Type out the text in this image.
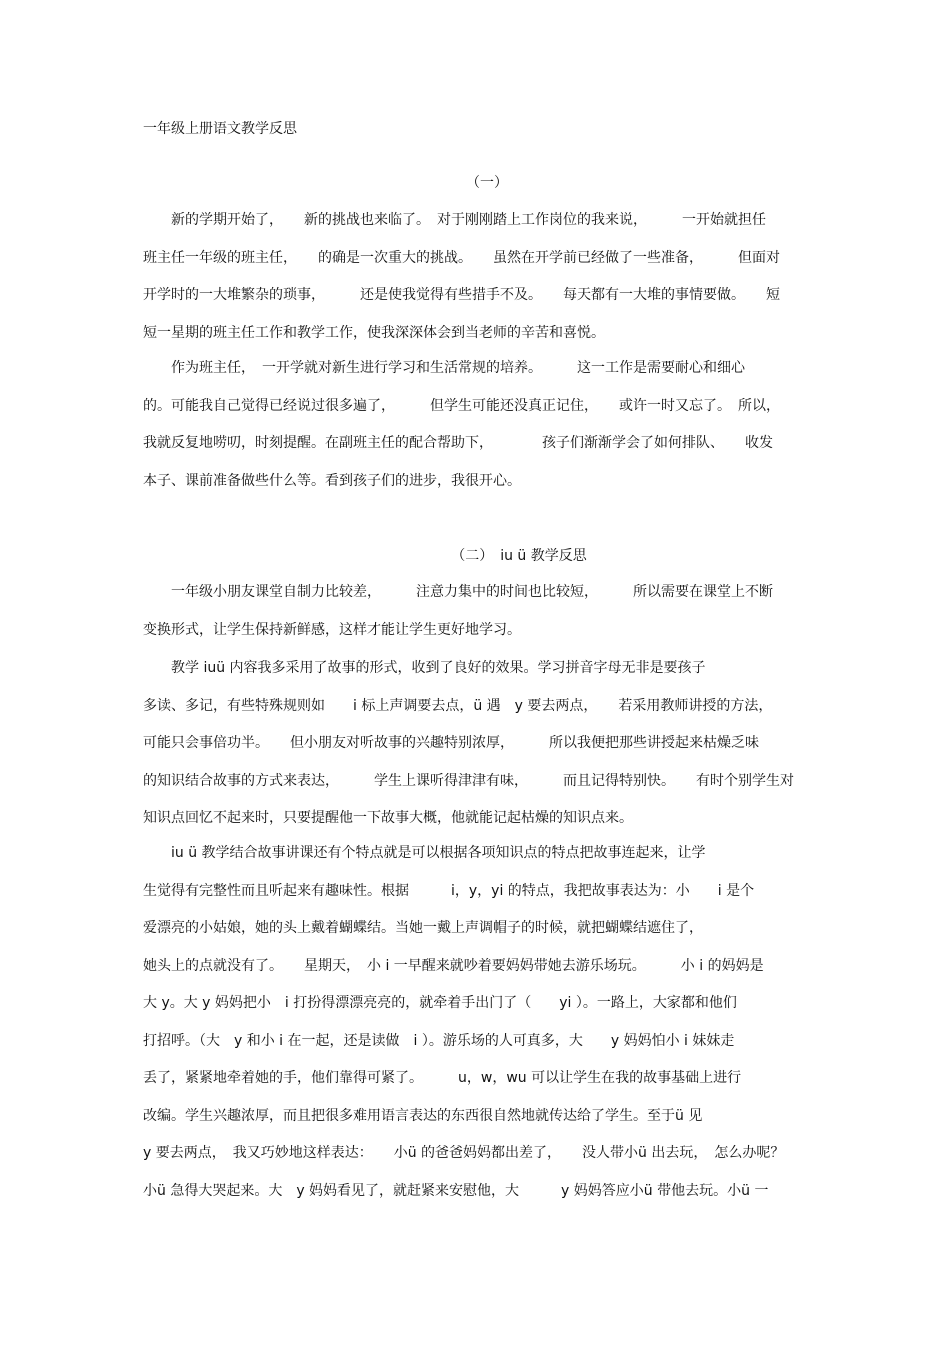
一年级上册语文教学反思
（一）
　　新的学期开始了，　　新的挑战也来临了。　对于刚刚踏上工作岗位的我来说，　　　一开始就担任
班主任一年级的班主任，　　的确是一次重大的挑战。　　虽然在开学前已经做了一些准备，　　　但面对
开学时的一大堆繁杂的琐事，　　　还是使我觉得有些措手不及。　　每天都有一大堆的事情要做。　　短
短一星期的班主任工作和教学工作，使我深深体会到当老师的辛苦和喜悦。
　　作为班主任，　一开学就对新生进行学习和生活常规的培养。　　　这一工作是需要耐心和细心
的。可能我自己觉得已经说过很多遍了，　　　但学生可能还没真正记住，　　或许一时又忘了。　所以，
我就反复地唠叨，时刻提醒。在副班主任的配合帮助下，　　　　孩子们渐渐学会了如何排队、　　收发
本子、课前准备做些什么等。看到孩子们的进步，我很开心。
（二）　iu ü 教学反思
　　一年级小朋友课堂自制力比较差，　　　注意力集中的时间也比较短，　　　所以需要在课堂上不断
变换形式，让学生保持新鲜感，这样才能让学生更好地学习。
　　教学 iuü 内容我多采用了故事的形式，收到了良好的效果。学习拼音字母无非是要孩子
多读、多记，有些特殊规则如　　i 标上声调要去点，ü 遇　y 要去两点，　　若采用教师讲授的方法，
可能只会事倍功半。　　但小朋友对听故事的兴趣特别浓厚，　　　所以我便把那些讲授起来枯燥乏味
的知识结合故事的方式来表达，　　　学生上课听得津津有味，　　　而且记得特别快。　　有时个别学生对
知识点回忆不起来时，只要提醒他一下故事大概，他就能记起枯燥的知识点来。
　　iu ü 教学结合故事讲课还有个特点就是可以根据各项知识点的特点把故事连起来，让学
生觉得有完整性而且听起来有趣味性。根据　　　i，y，yi 的特点，我把故事表达为：小　　i 是个
爱漂亮的小姑娘，她的头上戴着蝴蝶结。当她一戴上声调帽子的时候，就把蝴蝶结遮住了，
她头上的点就没有了。　　星期天，　小 i 一早醒来就吵着要妈妈带她去游乐场玩。　　　小 i 的妈妈是
大 y。大 y 妈妈把小　i 打扮得漂漂亮亮的，就牵着手出门了（　　yi ）。一路上，大家都和他们
打招呼。（大　y 和小 i 在一起，还是读做　i ）。游乐场的人可真多，大　　y 妈妈怕小 i 妹妹走
丢了，紧紧地牵着她的手，他们靠得可紧了。　　　u，w，wu 可以让学生在我的故事基础上进行
改编。学生兴趣浓厚，而且把很多难用语言表达的东西很自然地就传达给了学生。至于ü 见
y 要去两点，　我又巧妙地这样表达：　　小ü 的爸爸妈妈都出差了，　　没人带小ü 出去玩，　怎么办呢？
小ü 急得大哭起来。大　y 妈妈看见了，就赶紧来安慰他，大　　　y 妈妈答应小ü 带他去玩。小ü 一
